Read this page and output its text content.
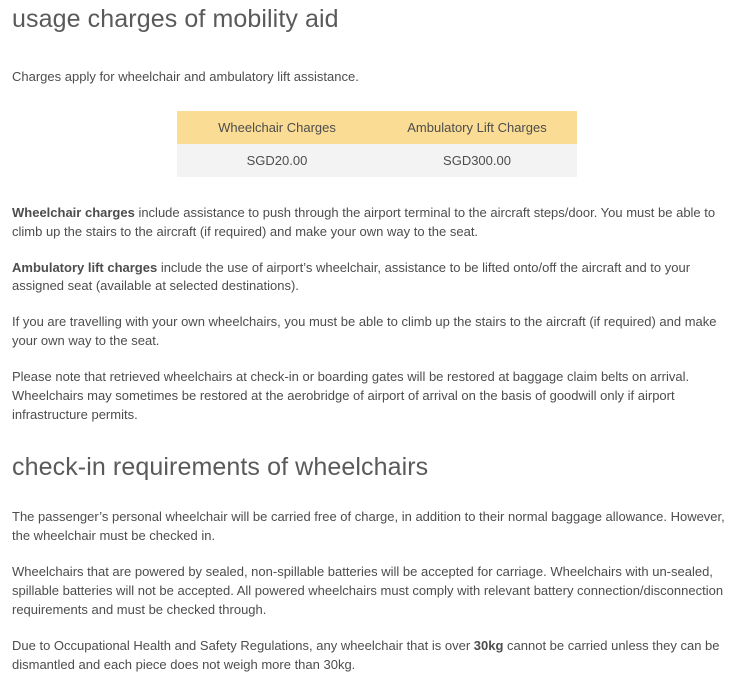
usage charges of mobility aid

Charges apply for wheelchair and ambulatory lift assistance.

Wheelchair Charges	Ambulatory Lift Charges
SGD20.00	SGD300.00

Wheelchair charges include assistance to push through the airport terminal to the aircraft steps/door. You must be able to climb up the stairs to the aircraft (if required) and make your own way to the seat.

Ambulatory lift charges include the use of airport’s wheelchair, assistance to be lifted onto/off the aircraft and to your assigned seat (available at selected destinations).

If you are travelling with your own wheelchairs, you must be able to climb up the stairs to the aircraft (if required) and make your own way to the seat.

Please note that retrieved wheelchairs at check-in or boarding gates will be restored at baggage claim belts on arrival. Wheelchairs may sometimes be restored at the aerobridge of airport of arrival on the basis of goodwill only if airport infrastructure permits.

check-in requirements of wheelchairs

The passenger’s personal wheelchair will be carried free of charge, in addition to their normal baggage allowance. However, the wheelchair must be checked in.

Wheelchairs that are powered by sealed, non-spillable batteries will be accepted for carriage. Wheelchairs with un-sealed, spillable batteries will not be accepted. All powered wheelchairs must comply with relevant battery connection/disconnection requirements and must be checked through.

Due to Occupational Health and Safety Regulations, any wheelchair that is over 30kg cannot be carried unless they can be dismantled and each piece does not weigh more than 30kg.
